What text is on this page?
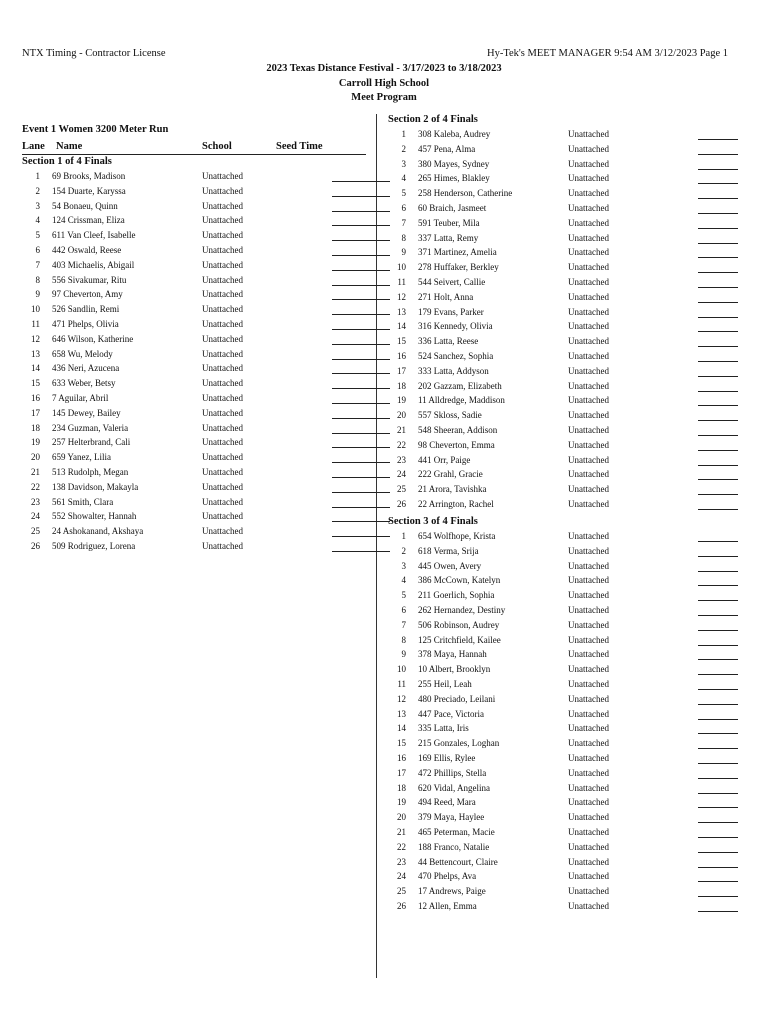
NTX Timing - Contractor License	Hy-Tek's MEET MANAGER 9:54 AM 3/12/2023 Page 1
2023 Texas Distance Festival - 3/17/2023 to 3/18/2023
Carroll High School
Meet Program
Event 1 Women 3200 Meter Run
Lane Name	School	Seed Time
Section 1 of 4 Finals
1 69 Brooks, Madison	Unattached
2 154 Duarte, Karyssa	Unattached
3 54 Bonaeu, Quinn	Unattached
4 124 Crissman, Eliza	Unattached
5 611 Van Cleef, Isabelle	Unattached
6 442 Oswald, Reese	Unattached
7 403 Michaelis, Abigail	Unattached
8 556 Sivakumar, Ritu	Unattached
9 97 Cheverton, Amy	Unattached
10 526 Sandlin, Remi	Unattached
11 471 Phelps, Olivia	Unattached
12 646 Wilson, Katherine	Unattached
13 658 Wu, Melody	Unattached
14 436 Neri, Azucena	Unattached
15 633 Weber, Betsy	Unattached
16 7 Aguilar, Abril	Unattached
17 145 Dewey, Bailey	Unattached
18 234 Guzman, Valeria	Unattached
19 257 Helterbrand, Cali	Unattached
20 659 Yanez, Lilia	Unattached
21 513 Rudolph, Megan	Unattached
22 138 Davidson, Makayla	Unattached
23 561 Smith, Clara	Unattached
24 552 Showalter, Hannah	Unattached
25 24 Ashokanand, Akshaya	Unattached
26 509 Rodriguez, Lorena	Unattached
Section 2 of 4 Finals
1 308 Kaleba, Audrey	Unattached
2 457 Pena, Alma	Unattached
3 380 Mayes, Sydney	Unattached
4 265 Himes, Blakley	Unattached
5 258 Henderson, Catherine	Unattached
6 60 Braich, Jasmeet	Unattached
7 591 Teuber, Mila	Unattached
8 337 Latta, Remy	Unattached
9 371 Martinez, Amelia	Unattached
10 278 Huffaker, Berkley	Unattached
11 544 Seivert, Callie	Unattached
12 271 Holt, Anna	Unattached
13 179 Evans, Parker	Unattached
14 316 Kennedy, Olivia	Unattached
15 336 Latta, Reese	Unattached
16 524 Sanchez, Sophia	Unattached
17 333 Latta, Addyson	Unattached
18 202 Gazzam, Elizabeth	Unattached
19 11 Alldredge, Maddison	Unattached
20 557 Skloss, Sadie	Unattached
21 548 Sheeran, Addison	Unattached
22 98 Cheverton, Emma	Unattached
23 441 Orr, Paige	Unattached
24 222 Grahl, Gracie	Unattached
25 21 Arora, Tavishka	Unattached
26 22 Arrington, Rachel	Unattached
Section 3 of 4 Finals
1 654 Wolfhope, Krista	Unattached
2 618 Verma, Srija	Unattached
3 445 Owen, Avery	Unattached
4 386 McCown, Katelyn	Unattached
5 211 Goerlich, Sophia	Unattached
6 262 Hernandez, Destiny	Unattached
7 506 Robinson, Audrey	Unattached
8 125 Critchfield, Kailee	Unattached
9 378 Maya, Hannah	Unattached
10 10 Albert, Brooklyn	Unattached
11 255 Heil, Leah	Unattached
12 480 Preciado, Leilani	Unattached
13 447 Pace, Victoria	Unattached
14 335 Latta, Iris	Unattached
15 215 Gonzales, Loghan	Unattached
16 169 Ellis, Rylee	Unattached
17 472 Phillips, Stella	Unattached
18 620 Vidal, Angelina	Unattached
19 494 Reed, Mara	Unattached
20 379 Maya, Haylee	Unattached
21 465 Peterman, Macie	Unattached
22 188 Franco, Natalie	Unattached
23 44 Bettencourt, Claire	Unattached
24 470 Phelps, Ava	Unattached
25 17 Andrews, Paige	Unattached
26 12 Allen, Emma	Unattached
